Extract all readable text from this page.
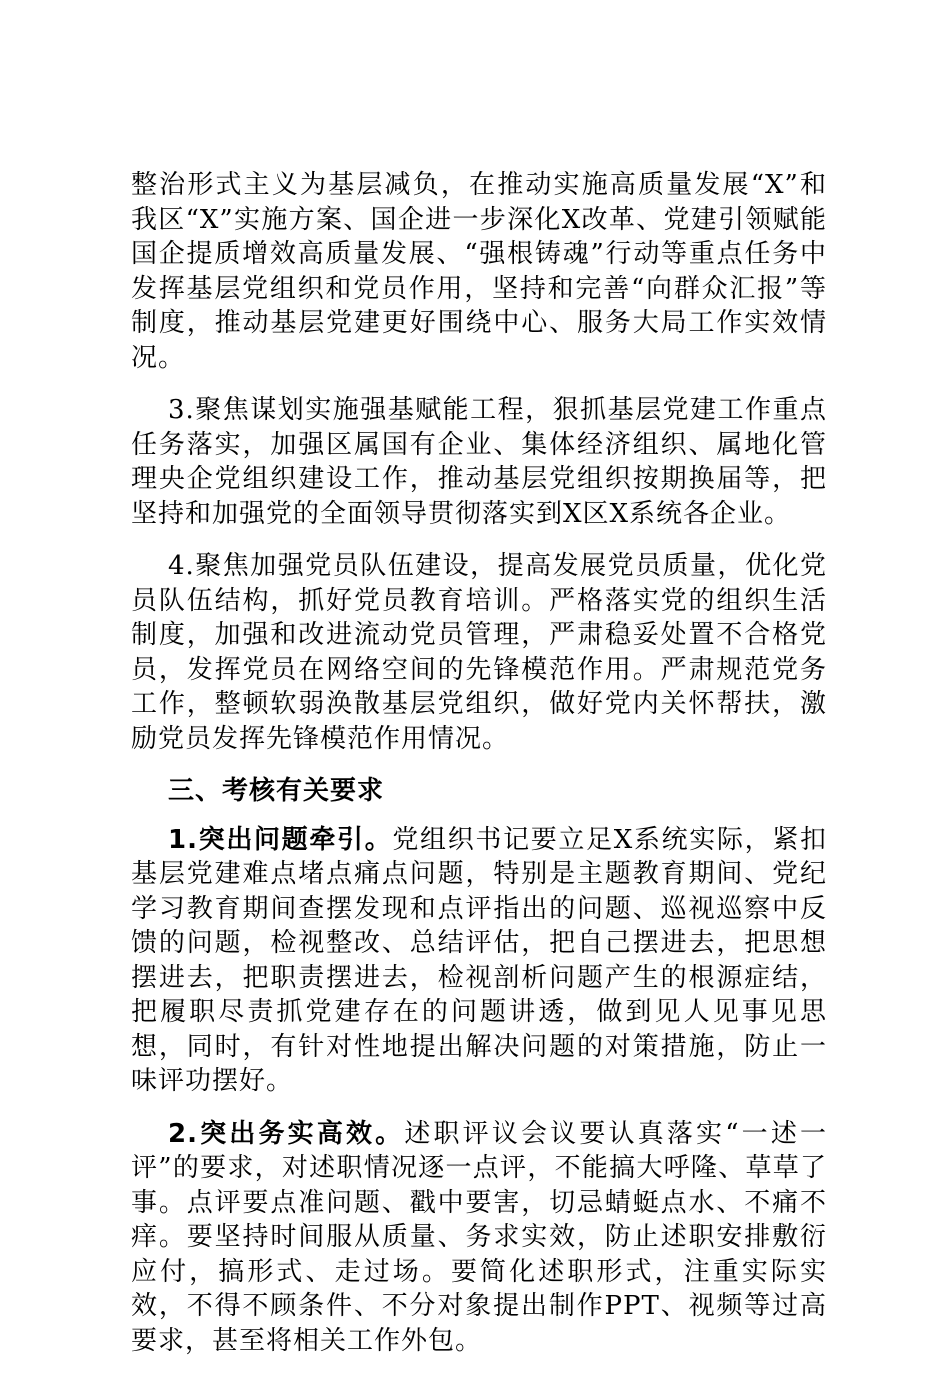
整治形式主义为基层减负，在推动实施高质量发展“X”和我区“X”实施方案、国企进一步深化X改革、党建引领赋能国企提质增效高质量发展、“强根铸魂”行动等重点任务中发挥基层党组织和党员作用，坚持和完善“向群众汇报”等制度，推动基层党建更好围绕中心、服务大局工作实效情况。

3.聚焦谋划实施强基赋能工程，狠抓基层党建工作重点任务落实，加强区属国有企业、集体经济组织、属地化管理央企党组织建设工作，推动基层党组织按期换届等，把坚持和加强党的全面领导贯彻落实到X区X系统各企业。

4.聚焦加强党员队伍建设，提高发展党员质量，优化党员队伍结构，抓好党员教育培训。严格落实党的组织生活制度，加强和改进流动党员管理，严肃稳妥处置不合格党员，发挥党员在网络空间的先锋模范作用。严肃规范党务工作，整顿软弱涣散基层党组织，做好党内关怀帮扶，激励党员发挥先锋模范作用情况。

三、考核有关要求

1.突出问题牵引。党组织书记要立足X系统实际，紧扣基层党建难点堵点痛点问题，特别是主题教育期间、党纪学习教育期间查摆发现和点评指出的问题、巡视巡察中反馈的问题，检视整改、总结评估，把自己摆进去，把思想摆进去，把职责摆进去，检视剖析问题产生的根源症结，把履职尽责抓党建存在的问题讲透，做到见人见事见思想，同时，有针对性地提出解决问题的对策措施，防止一味评功摆好。

2.突出务实高效。述职评议会议要认真落实“一述一评”的要求，对述职情况逐一点评，不能搞大呼隆、草草了事。点评要点准问题、戳中要害，切忌蜻蜓点水、不痛不痒。要坚持时间服从质量、务求实效，防止述职安排敷衍应付，搞形式、走过场。要简化述职形式，注重实际实效，不得不顾条件、不分对象提出制作PPT、视频等过高要求，甚至将相关工作外包。
